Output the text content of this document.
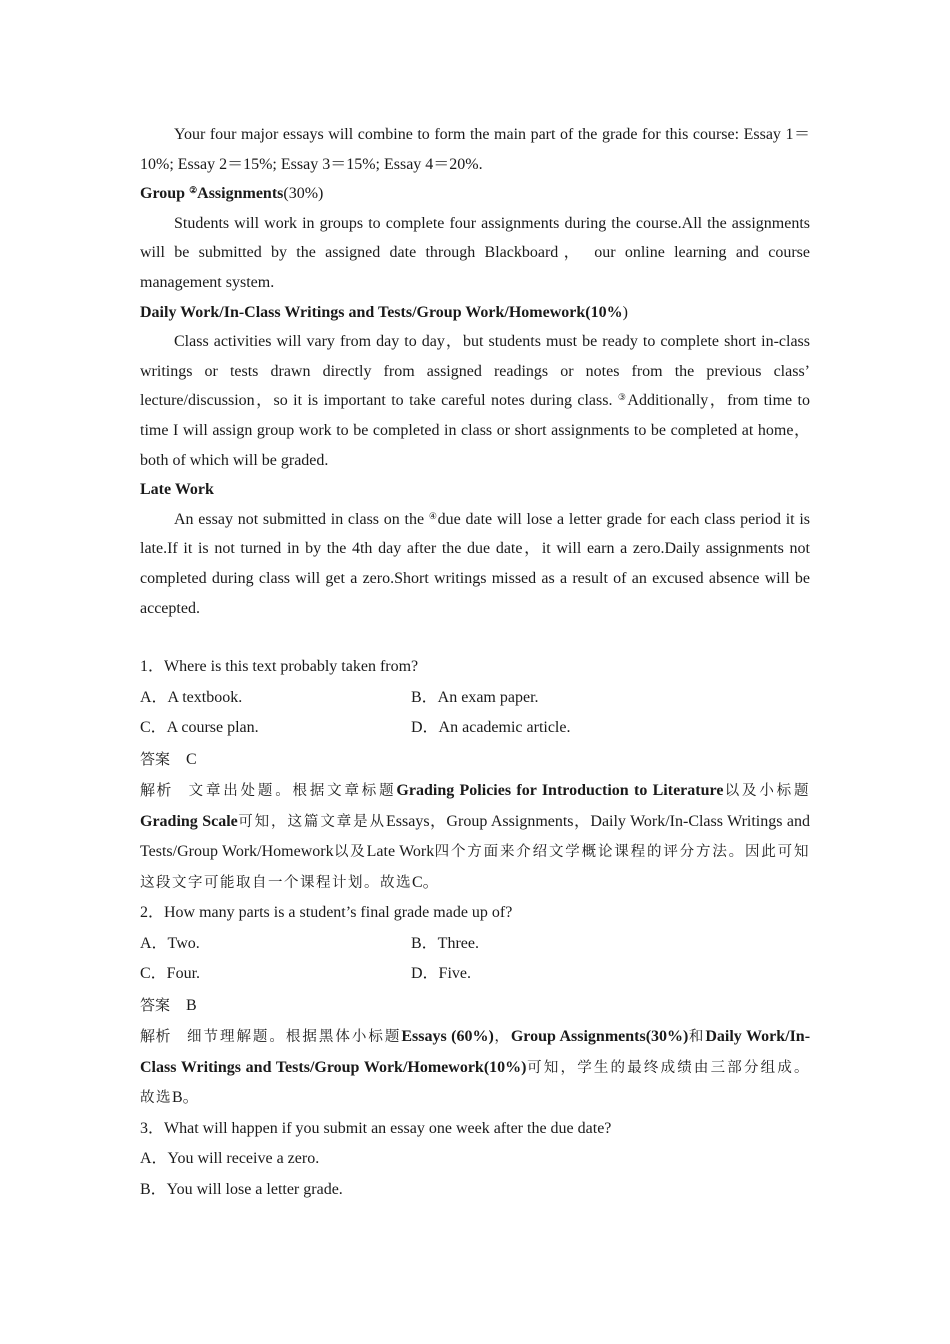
Your four major essays will combine to form the main part of the grade for this course: Essay 1＝10%; Essay 2＝15%; Essay 3＝15%; Essay 4＝20%.

Group ②Assignments(30%)

Students will work in groups to complete four assignments during the course.All the assignments will be submitted by the assigned date through Blackboard， our online learning and course management system.

Daily Work/In-Class Writings and Tests/Group Work/Homework(10%)

Class activities will vary from day to day，but students must be ready to complete short in-class writings or tests drawn directly from assigned readings or notes from the previous class’ lecture/discussion，so it is important to take careful notes during class. ③Additionally，from time to time I will assign group work to be completed in class or short assignments to be completed at home，both of which will be graded.

Late Work

An essay not submitted in class on the ④due date will lose a letter grade for each class period it is late.If it is not turned in by the 4th day after the due date，it will earn a zero.Daily assignments not completed during class will get a zero.Short writings missed as a result of an excused absence will be accepted.

1．Where is this text probably taken from?

A．A textbook.	B．An exam paper.
C．A course plan.	D．An academic article.

答案 C

解析 文章出处题。根据文章标题Grading Policies for Introduction to Literature以及小标题Grading Scale可知，这篇文章是从Essays，Group Assignments，Daily Work/In-Class Writings and Tests/Group Work/Homework以及Late Work四个方面来介绍文学概论课程的评分方法。因此可知这段文字可能取自一个课程计划。故选C。

2．How many parts is a student’s final grade made up of?

A．Two.	B．Three.
C．Four.	D．Five.

答案 B

解析 细节理解题。根据黑体小标题Essays (60%)，Group Assignments(30%)和Daily Work/In-Class Writings and Tests/Group Work/Homework(10%)可知，学生的最终成绩由三部分组成。故选B。

3．What will happen if you submit an essay one week after the due date?

A．You will receive a zero.

B．You will lose a letter grade.
